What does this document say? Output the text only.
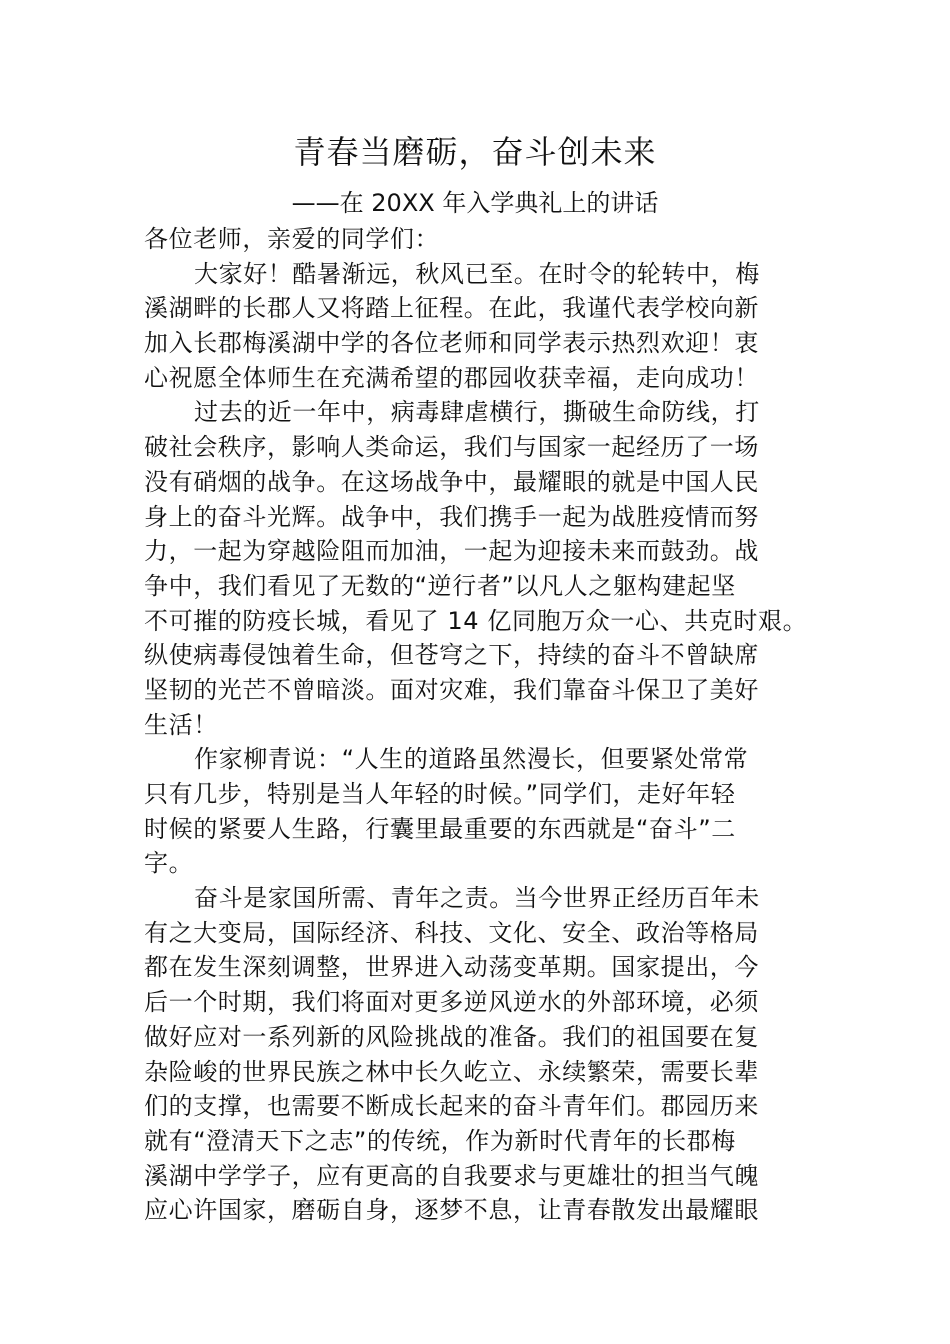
青春当磨砺，奋斗创未来
——在 20XX 年入学典礼上的讲话
各位老师，亲爱的同学们：
大家好！酷暑渐远，秋风已至。在时令的轮转中，梅
溪湖畔的长郡人又将踏上征程。在此，我谨代表学校向新
加入长郡梅溪湖中学的各位老师和同学表示热烈欢迎！衷
心祝愿全体师生在充满希望的郡园收获幸福，走向成功！
过去的近一年中，病毒肆虐横行，撕破生命防线，打
破社会秩序，影响人类命运，我们与国家一起经历了一场
没有硝烟的战争。在这场战争中，最耀眼的就是中国人民
身上的奋斗光辉。战争中，我们携手一起为战胜疫情而努
力，一起为穿越险阻而加油，一起为迎接未来而鼓劲。战
争中，我们看见了无数的“逆行者”以凡人之躯构建起坚
不可摧的防疫长城，看见了 14 亿同胞万众一心、共克时艰。
纵使病毒侵蚀着生命，但苍穹之下，持续的奋斗不曾缺席
坚韧的光芒不曾暗淡。面对灾难，我们靠奋斗保卫了美好
生活！
作家柳青说：“人生的道路虽然漫长，但要紧处常常
只有几步，特别是当人年轻的时候。”同学们，走好年轻
时候的紧要人生路，行囊里最重要的东西就是“奋斗”二
字。
奋斗是家国所需、青年之责。当今世界正经历百年未
有之大变局，国际经济、科技、文化、安全、政治等格局
都在发生深刻调整，世界进入动荡变革期。国家提出，今
后一个时期，我们将面对更多逆风逆水的外部环境，必须
做好应对一系列新的风险挑战的准备。我们的祖国要在复
杂险峻的世界民族之林中长久屹立、永续繁荣，需要长辈
们的支撑，也需要不断成长起来的奋斗青年们。郡园历来
就有“澄清天下之志”的传统，作为新时代青年的长郡梅
溪湖中学学子，应有更高的自我要求与更雄壮的担当气魄
应心许国家，磨砺自身，逐梦不息，让青春散发出最耀眼
